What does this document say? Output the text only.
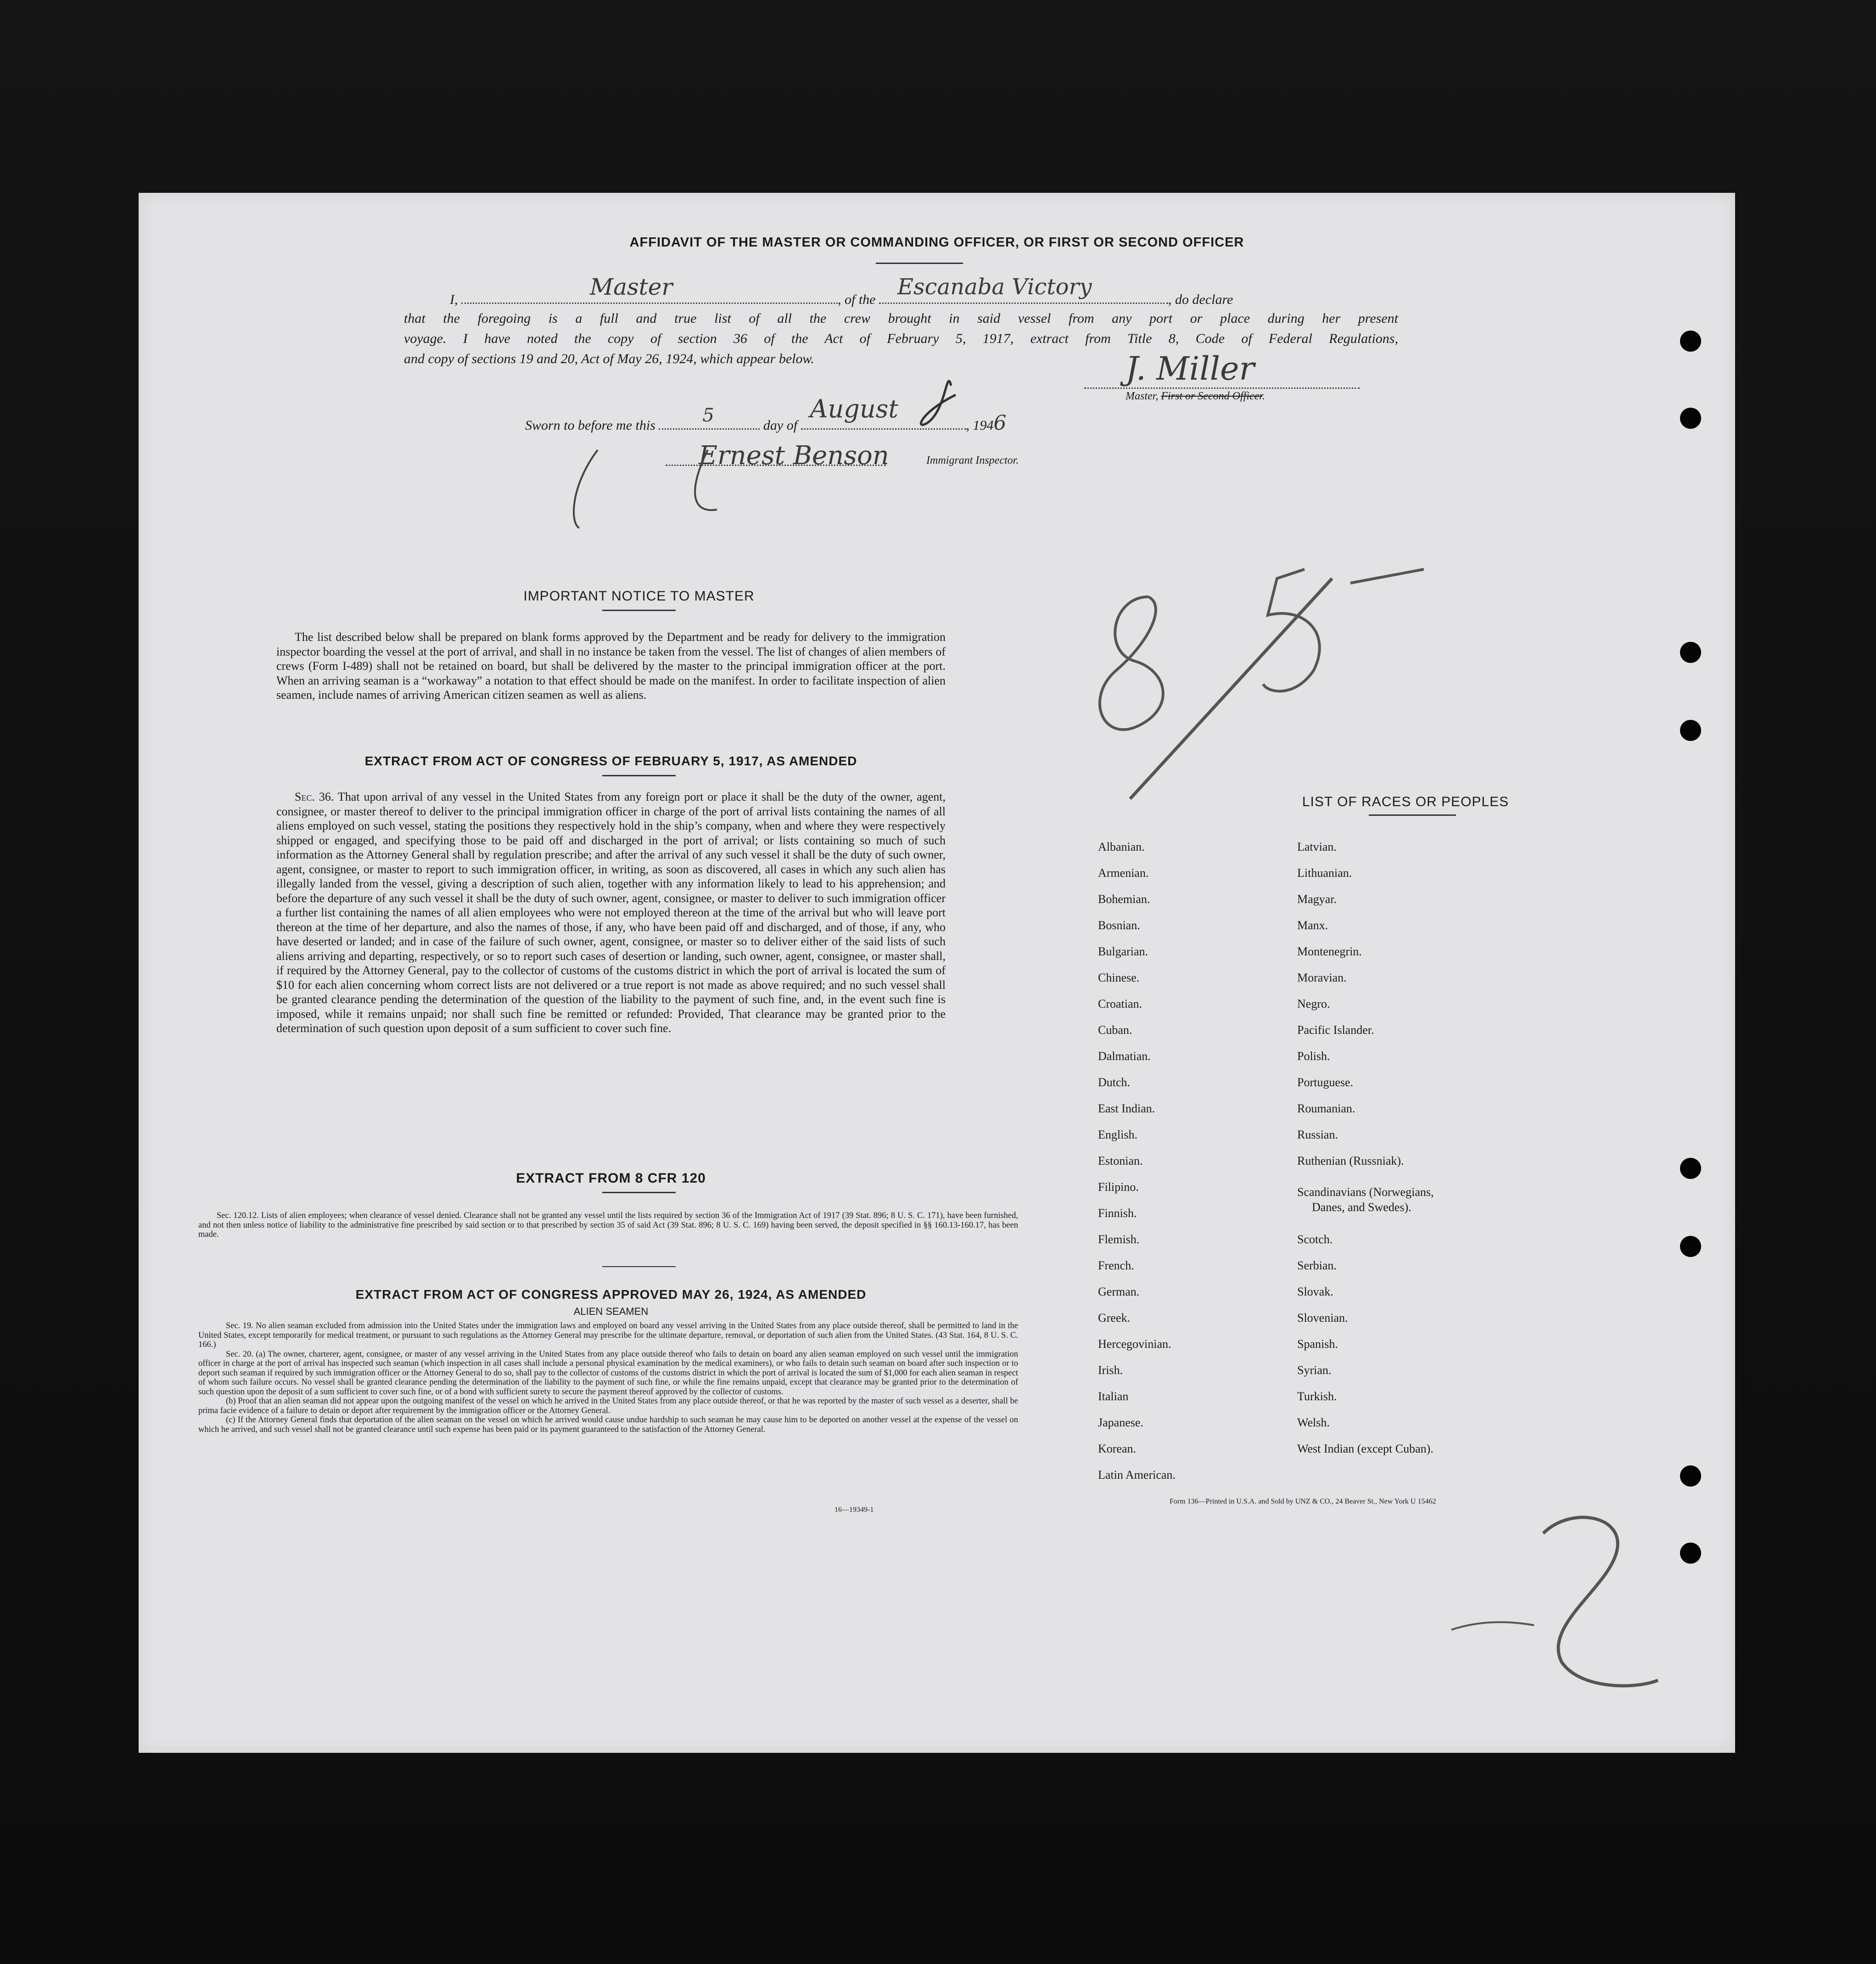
AFFIDAVIT OF THE MASTER OR COMMANDING OFFICER, OR FIRST OR SECOND OFFICER
I,	Master	, of the Escanaba Victory	, do declare
that the foregoing is a full and true list of all the crew brought in said vessel from any port or place during her present
voyage. I have noted the copy of section 36 of the Act of February 5, 1917, extract from Title 8, Code of Federal Regulations,
and copy of sections 19 and 20, Act of May 26, 1924, which appear below.	J. Miller
Master, First or Second Officer.
Sworn to before me this	5	day of
August
, 1946
Ernest Benson	Immigrant Inspector.
IMPORTANT NOTICE TO MASTER
The list described below shall be prepared on blank forms approved by the Department and be ready for delivery to the immigration inspector boarding the vessel at the port of arrival, and shall in no instance be taken from the vessel. The list of changes of alien members of crews (Form I-489) shall not be retained on board, but shall be delivered by the master to the principal immigration officer at the port. When an arriving seaman is a “workaway” a notation to that effect should be made on the manifest. In order to facilitate inspection of alien seamen, include names of arriving American citizen seamen as well as aliens.
EXTRACT FROM ACT OF CONGRESS OF FEBRUARY 5, 1917, AS AMENDED
Sec. 36. That upon arrival of any vessel in the United States from any foreign port or place it shall be the duty of the owner, agent, consignee, or master thereof to deliver to the principal immigration officer in charge of the port of arrival lists containing the names of all aliens employed on such vessel, stating the positions they respectively hold in the ship’s company, when and where they were respectively shipped or engaged, and specifying those to be paid off and discharged in the port of arrival; or lists containing so much of such information as the Attorney General shall by regulation prescribe; and after the arrival of any such vessel it shall be the duty of such owner, agent, consignee, or master to report to such immigration officer, in writing, as soon as discovered, all cases in which any such alien has illegally landed from the vessel, giving a description of such alien, together with any information likely to lead to his apprehension; and before the departure of any such vessel it shall be the duty of such owner, agent, consignee, or master to deliver to such immigration officer a further list containing the names of all alien employees who were not employed thereon at the time of the arrival but who will leave port thereon at the time of her departure, and also the names of those, if any, who have been paid off and discharged, and of those, if any, who have deserted or landed; and in case of the failure of such owner, agent, consignee, or master so to deliver either of the said lists of such aliens arriving and departing, respectively, or so to report such cases of desertion or landing, such owner, agent, consignee, or master shall, if required by the Attorney General, pay to the collector of customs of the customs district in which the port of arrival is located the sum of $10 for each alien concerning whom correct lists are not delivered or a true report is not made as above required; and no such vessel shall be granted clearance pending the determination of the question of the liability to the payment of such fine, and, in the event such fine is imposed, while it remains unpaid; nor shall such fine be remitted or refunded: Provided, That clearance may be granted prior to the determination of such question upon deposit of a sum sufficient to cover such fine.
EXTRACT FROM 8 CFR 120
Sec. 120.12. Lists of alien employees; when clearance of vessel denied. Clearance shall not be granted any vessel until the lists required by section 36 of the Immigration Act of 1917 (39 Stat. 896; 8 U. S. C. 171), have been furnished, and not then unless notice of liability to the administrative fine prescribed by said section or to that prescribed by section 35 of said Act (39 Stat. 896; 8 U. S. C. 169) having been served, the deposit specified in §§ 160.13-160.17, has been made.
EXTRACT FROM ACT OF CONGRESS APPROVED MAY 26, 1924, AS AMENDED
ALIEN SEAMEN
Sec. 19. No alien seaman excluded from admission into the United States under the immigration laws and employed on board any vessel arriving in the United States from any place outside thereof, shall be permitted to land in the United States, except temporarily for medical treatment, or pursuant to such regulations as the Attorney General may prescribe for the ultimate departure, removal, or deportation of such alien from the United States. (43 Stat. 164, 8 U. S. C. 166.)
Sec. 20. (a) The owner, charterer, agent, consignee, or master of any vessel arriving in the United States from any place outside thereof who fails to detain on board any alien seaman employed on such vessel until the immigration officer in charge at the port of arrival has inspected such seaman (which inspection in all cases shall include a personal physical examination by the medical examiners), or who fails to detain such seaman on board after such inspection or to deport such seaman if required by such immigration officer or the Attorney General to do so, shall pay to the collector of customs of the customs district in which the port of arrival is located the sum of $1,000 for each alien seaman in respect of whom such failure occurs. No vessel shall be granted clearance pending the determination of the liability to the payment of such fine, or while the fine remains unpaid, except that clearance may be granted prior to the determination of such question upon the deposit of a sum sufficient to cover such fine, or of a bond with sufficient surety to secure the payment thereof approved by the collector of customs.
(b) Proof that an alien seaman did not appear upon the outgoing manifest of the vessel on which he arrived in the United States from any place outside thereof, or that he was reported by the master of such vessel as a deserter, shall be prima facie evidence of a failure to detain or deport after requirement by the immigration officer or the Attorney General.
(c) If the Attorney General finds that deportation of the alien seaman on the vessel on which he arrived would cause undue hardship to such seaman he may cause him to be deported on another vessel at the expense of the vessel on which he arrived, and such vessel shall not be granted clearance until such expense has been paid or its payment guaranteed to the satisfaction of the Attorney General.
16—19349-1
LIST OF RACES OR PEOPLES
Albanian.
Armenian.
Bohemian.
Bosnian.
Bulgarian.
Chinese.
Croatian.
Cuban.
Dalmatian.
Dutch.
East Indian.
English.
Estonian.
Filipino.
Finnish.
Flemish.
French.
German.
Greek.
Hercegovinian.
Irish.
Italian
Japanese.
Korean.
Latin American.
Latvian.
Lithuanian.
Magyar.
Manx.
Montenegrin.
Moravian.
Negro.
Pacific Islander.
Polish.
Portuguese.
Roumanian.
Russian.
Ruthenian (Russniak).
Scandinavians (Norwegians,
Danes, and Swedes).
Scotch.
Serbian.
Slovak.
Slovenian.
Spanish.
Syrian.
Turkish.
Welsh.
West Indian (except Cuban).
Form 136—Printed in U.S.A. and Sold by UNZ & CO., 24 Beaver St., New York U 15462
